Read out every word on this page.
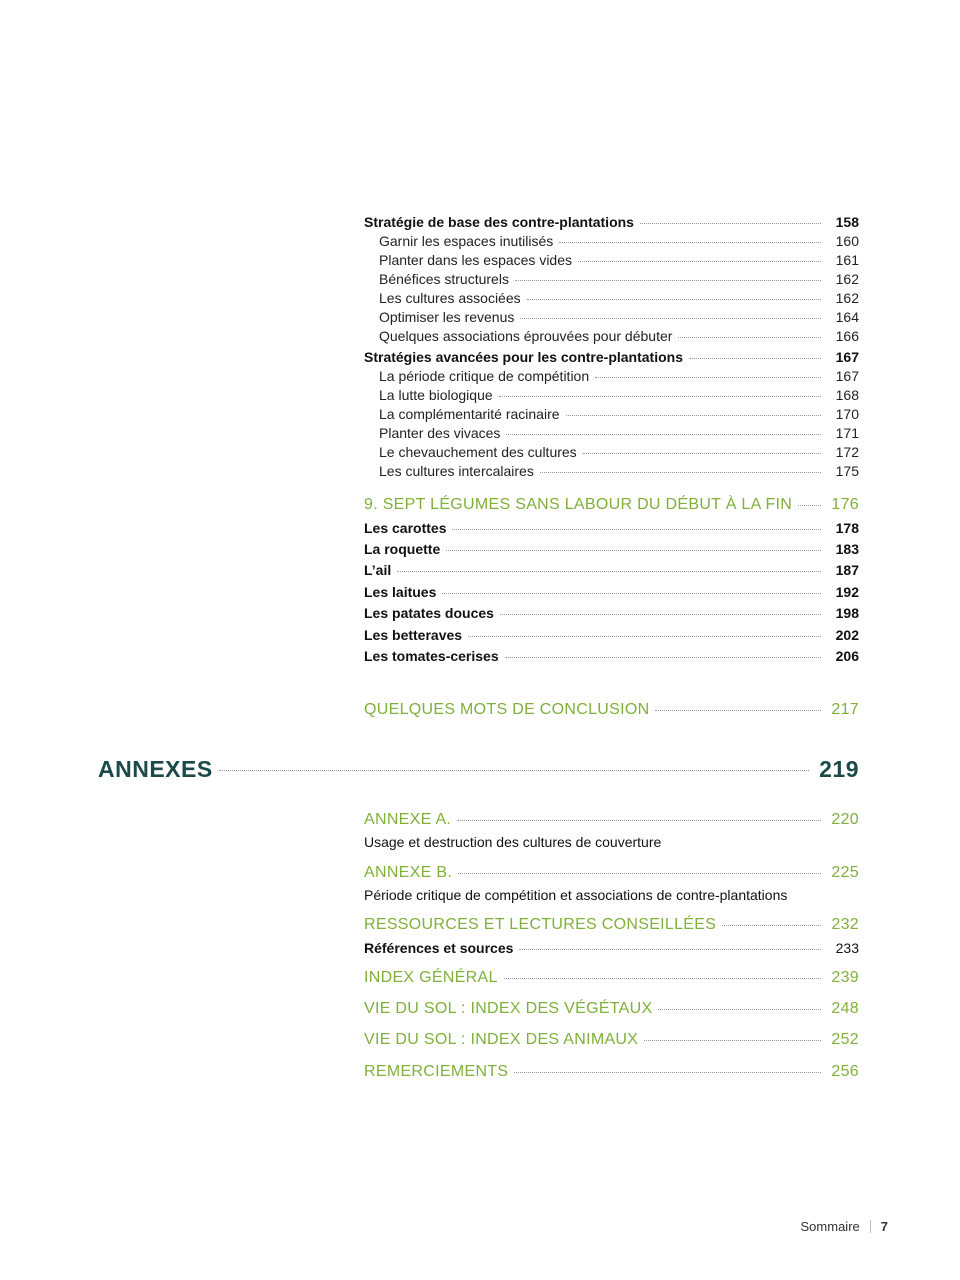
Stratégie de base des contre-plantations	158
Garnir les espaces inutilisés	160
Planter dans les espaces vides	161
Bénéfices structurels	162
Les cultures associées	162
Optimiser les revenus	164
Quelques associations éprouvées pour débuter	166
Stratégies avancées pour les contre-plantations	167
La période critique de compétition	167
La lutte biologique	168
La complémentarité racinaire	170
Planter des vivaces	171
Le chevauchement des cultures	172
Les cultures intercalaires	175
9. SEPT LÉGUMES SANS LABOUR DU DÉBUT À LA FIN 176
Les carottes	178
La roquette	183
L’ail	187
Les laitues	192
Les patates douces	198
Les betteraves	202
Les tomates-cerises	206
QUELQUES MOTS DE CONCLUSION	217
ANNEXES	219
ANNEXE A.	220
Usage et destruction des cultures de couverture
ANNEXE B.	225
Période critique de compétition et associations de contre-plantations
RESSOURCES ET LECTURES CONSEILLÉES	232
Références et sources	233
INDEX GÉNÉRAL	239
VIE DU SOL : INDEX DES VÉGÉTAUX	248
VIE DU SOL : INDEX DES ANIMAUX	252
REMERCIEMENTS	256
Sommaire 7
